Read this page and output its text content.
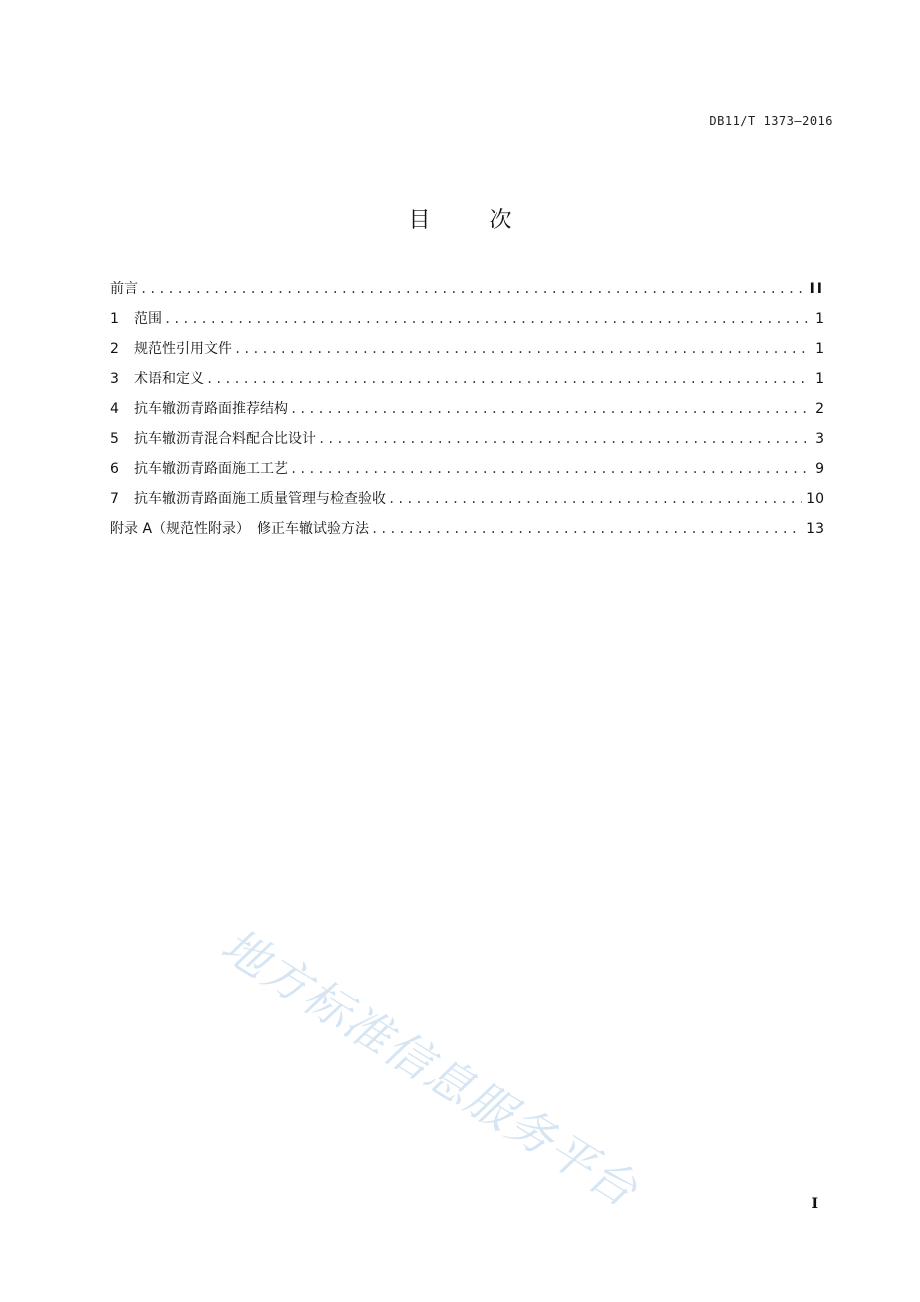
DB11/T 1373—2016
目 次
前言 .....	II
1	范围 .....	1
2	规范性引用文件 .....	1
3	术语和定义 .....	1
4	抗车辙沥青路面推荐结构 .....	2
5	抗车辙沥青混合料配合比设计 .....	3
6	抗车辙沥青路面施工工艺 .....	9
7	抗车辙沥青路面施工质量管理与检查验收 .....	10
附录 A（规范性附录）　修正车辙试验方法 .....	13
地方标准信息服务平台	I
